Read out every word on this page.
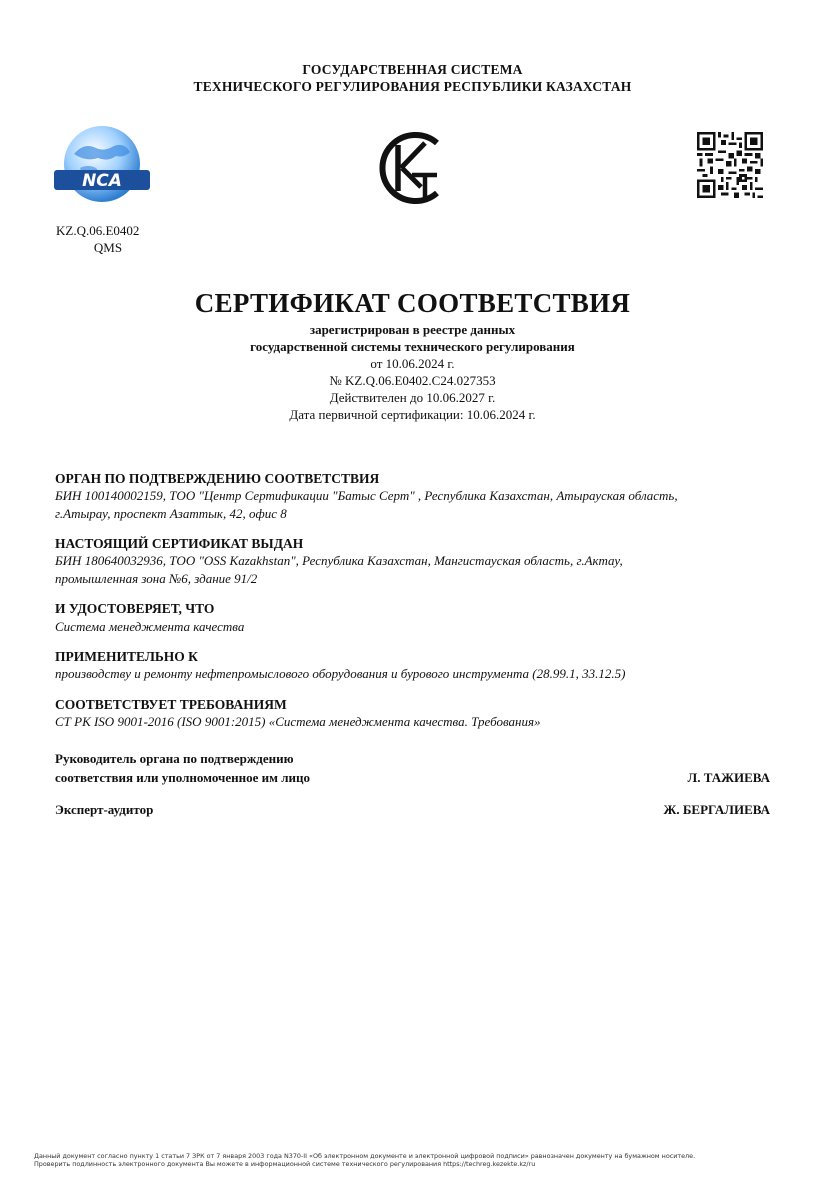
ГОСУДАРСТВЕННАЯ СИСТЕМА
ТЕХНИЧЕСКОГО РЕГУЛИРОВАНИЯ РЕСПУБЛИКИ КАЗАХСТАН
NCA
KZ.Q.06.E0402
QMS
СЕРТИФИКАТ СООТВЕТСТВИЯ
зарегистрирован в реестре данных
государственной системы технического регулирования
от 10.06.2024 г.
№ KZ.Q.06.E0402.C24.027353
Действителен до 10.06.2027 г.
Дата первичной сертификации: 10.06.2024 г.
ОРГАН ПО ПОДТВЕРЖДЕНИЮ СООТВЕТСТВИЯ
БИН 100140002159, ТОО "Центр Сертификации "Батыс Серт" , Республика Казахстан, Атырауская область,
г.Атырау, проспект Азаттык, 42, офис 8
НАСТОЯЩИЙ СЕРТИФИКАТ ВЫДАН
БИН 180640032936, ТОО "OSS Kazakhstan", Республика Казахстан, Мангистауская область, г.Актау,
промышленная зона №6, здание 91/2
И УДОСТОВЕРЯЕТ, ЧТО
Система менеджмента качества
ПРИМЕНИТЕЛЬНО К
производству и ремонту нефтепромыслового оборудования и бурового инструмента (28.99.1, 33.12.5)
СООТВЕТСТВУЕТ ТРЕБОВАНИЯМ
СТ РК ISO 9001-2016 (ISO 9001:2015) «Система менеджмента качества. Требования»
Руководитель органа по подтверждению
соответствия или уполномоченное им лицо	Л. ТАЖИЕВА
Эксперт-аудитор	Ж. БЕРГАЛИЕВА
Данный документ согласно пункту 1 статьи 7 ЗРК от 7 января 2003 года N370-II «Об электронном документе и электронной цифровой подписи» равнозначен документу на бумажном носителе.
Проверить подлинность электронного документа Вы можете в информационной системе технического регулирования https://techreg.kezekte.kz/ru
